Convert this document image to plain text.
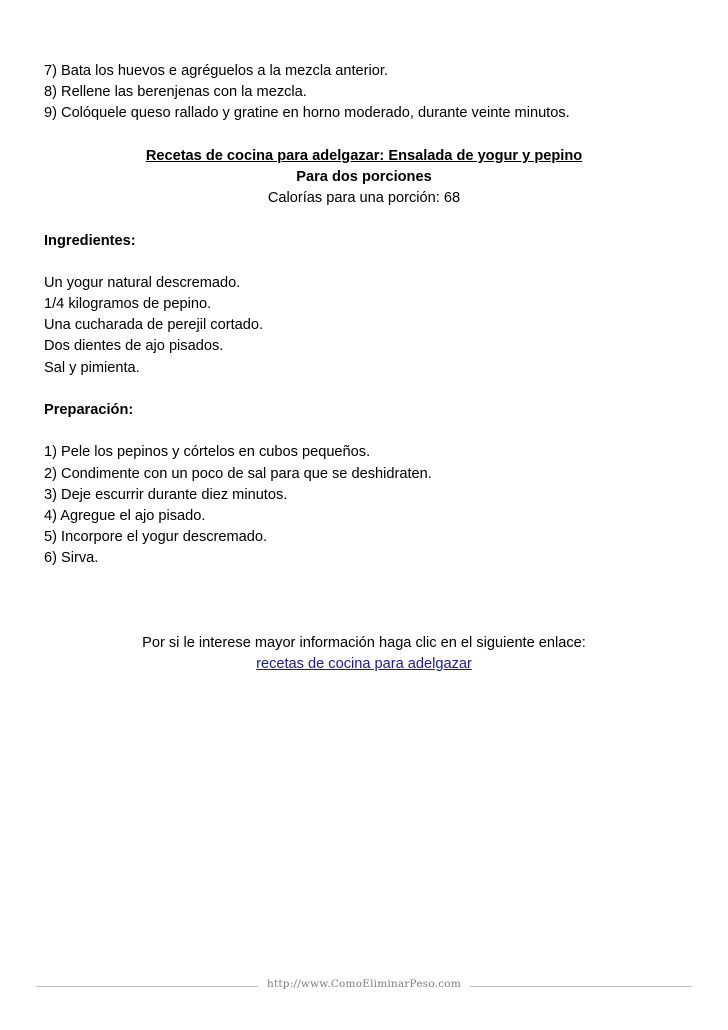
7) Bata los huevos e agréguelos a la mezcla anterior.
8) Rellene las berenjenas con la mezcla.
9) Colóquele queso rallado y gratine en horno moderado, durante veinte minutos.
Recetas de cocina para adelgazar: Ensalada de yogur y pepino
Para dos porciones
Calorías para una porción: 68
Ingredientes:
Un yogur natural descremado.
1/4 kilogramos de pepino.
Una cucharada de perejil cortado.
Dos dientes de ajo pisados.
Sal y pimienta.
Preparación:
1) Pele los pepinos y córtelos en cubos pequeños.
2) Condimente con un poco de sal para que se deshidraten.
3) Deje escurrir durante diez minutos.
4) Agregue el ajo pisado.
5) Incorpore el yogur descremado.
6) Sirva.
Por si le interese mayor información haga clic en el siguiente enlace:
recetas de cocina para adelgazar
http://www.ComoEliminarPeso.com
